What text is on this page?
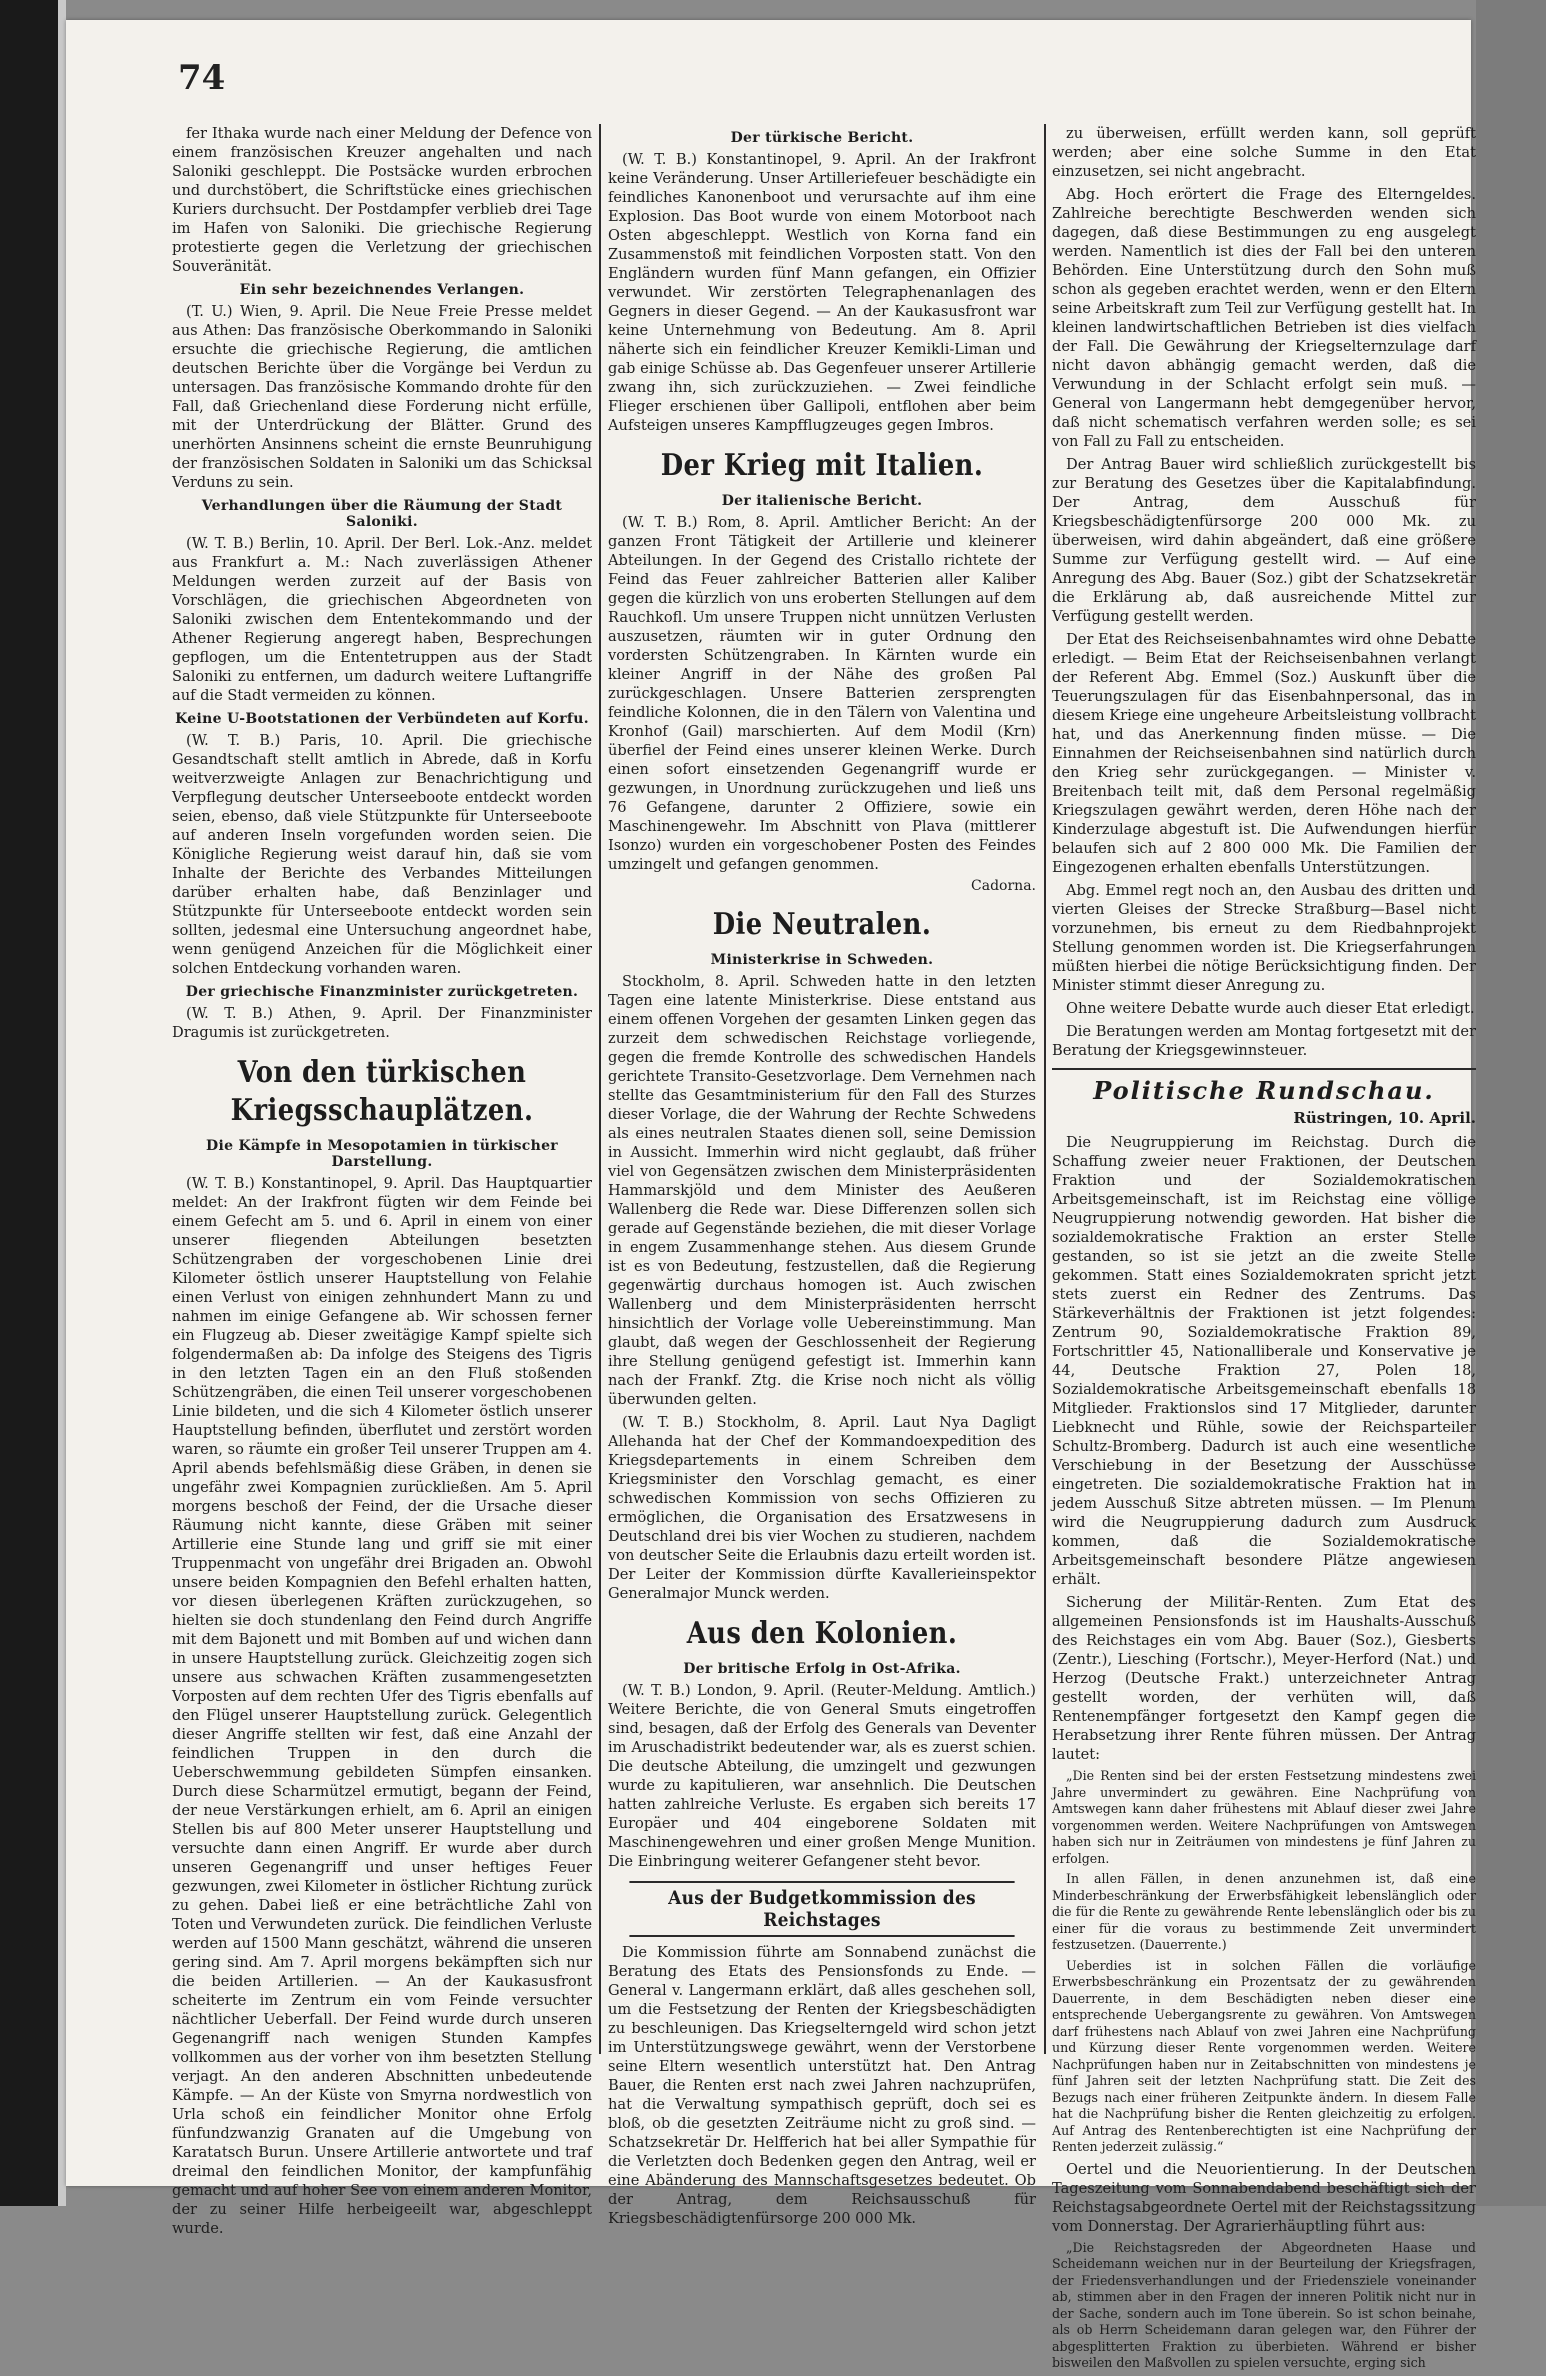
74

fer Ithaka wurde nach einer Meldung der Defence von einem französischen Kreuzer angehalten und nach Saloniki geschleppt. Die Postsäcke wurden erbrochen und durchstöbert, die Schriftstücke eines griechischen Kuriers durchsucht. Der Postdampfer verblieb drei Tage im Hafen von Saloniki. Die griechische Regierung protestierte gegen die Verletzung der griechischen Souveränität.

Ein sehr bezeichnendes Verlangen.

(T. U.) Wien, 9. April. Die Neue Freie Presse meldet aus Athen: Das französische Oberkommando in Saloniki ersuchte die griechische Regierung, die amtlichen deutschen Berichte über die Vorgänge bei Verdun zu untersagen. Das französische Kommando drohte für den Fall, daß Griechenland diese Forderung nicht erfülle, mit der Unterdrückung der Blätter. Grund des unerhörten Ansinnens scheint die ernste Beunruhigung der französischen Soldaten in Saloniki um das Schicksal Verduns zu sein.

Verhandlungen über die Räumung der Stadt Saloniki.

(W. T. B.) Berlin, 10. April. Der Berl. Lok.-Anz. meldet aus Frankfurt a. M.: Nach zuverlässigen Athener Meldungen werden zurzeit auf der Basis von Vorschlägen, die griechischen Abgeordneten von Saloniki zwischen dem Ententekommando und der Athener Regierung angeregt haben, Besprechungen gepflogen, um die Ententetruppen aus der Stadt Saloniki zu entfernen, um dadurch weitere Luftangriffe auf die Stadt vermeiden zu können.

Keine U-Bootstationen der Verbündeten auf Korfu.

(W. T. B.) Paris, 10. April. Die griechische Gesandtschaft stellt amtlich in Abrede, daß in Korfu weitverzweigte Anlagen zur Benachrichtigung und Verpflegung deutscher Unterseeboote entdeckt worden seien, ebenso, daß viele Stützpunkte für Unterseeboote auf anderen Inseln vorgefunden worden seien. Die Königliche Regierung weist darauf hin, daß sie vom Inhalte der Berichte des Verbandes Mitteilungen darüber erhalten habe, daß Benzinlager und Stützpunkte für Unterseeboote entdeckt worden sein sollten, jedesmal eine Untersuchung angeordnet habe, wenn genügend Anzeichen für die Möglichkeit einer solchen Entdeckung vorhanden waren.

Der griechische Finanzminister zurückgetreten.

(W. T. B.) Athen, 9. April. Der Finanzminister Dragumis ist zurückgetreten.

Von den türkischen Kriegsschauplätzen.
Die Kämpfe in Mesopotamien in türkischer Darstellung.

(W. T. B.) Konstantinopel, 9. April. Das Hauptquartier meldet: An der Irakfront fügten wir dem Feinde bei einem Gefecht am 5. und 6. April in einem von einer unserer fliegenden Abteilungen besetzten Schützengraben der vorgeschobenen Linie drei Kilometer östlich unserer Hauptstellung von Felahie einen Verlust von einigen zehnhundert Mann zu und nahmen im einige Gefangene ab. Wir schossen ferner ein Flugzeug ab. Dieser zweitägige Kampf spielte sich folgendermaßen ab: Da infolge des Steigens des Tigris in den letzten Tagen ein an den Fluß stoßenden Schützengräben, die einen Teil unserer vorgeschobenen Linie bildeten, und die sich 4 Kilometer östlich unserer Hauptstellung befinden, überflutet und zerstört worden waren, so räumte ein großer Teil unserer Truppen am 4. April abends befehlsmäßig diese Gräben, in denen sie ungefähr zwei Kompagnien zurückließen. Am 5. April morgens beschoß der Feind, der die Ursache dieser Räumung nicht kannte, diese Gräben mit seiner Artillerie eine Stunde lang und griff sie mit einer Truppenmacht von ungefähr drei Brigaden an. Obwohl unsere beiden Kompagnien den Befehl erhalten hatten, vor diesen überlegenen Kräften zurückzugehen, so hielten sie doch stundenlang den Feind durch Angriffe mit dem Bajonett und mit Bomben auf und wichen dann in unsere Hauptstellung zurück. Gleichzeitig zogen sich unsere aus schwachen Kräften zusammengesetzten Vorposten auf dem rechten Ufer des Tigris ebenfalls auf den Flügel unserer Hauptstellung zurück. Gelegentlich dieser Angriffe stellten wir fest, daß eine Anzahl der feindlichen Truppen in den durch die Ueberschwemmung gebildeten Sümpfen einsanken. Durch diese Scharmützel ermutigt, begann der Feind, der neue Verstärkungen erhielt, am 6. April an einigen Stellen bis auf 800 Meter unserer Hauptstellung und versuchte dann einen Angriff. Er wurde aber durch unseren Gegenangriff und unser heftiges Feuer gezwungen, zwei Kilometer in östlicher Richtung zurück zu gehen. Dabei ließ er eine beträchtliche Zahl von Toten und Verwundeten zurück. Die feindlichen Verluste werden auf 1500 Mann geschätzt, während die unseren gering sind. Am 7. April morgens bekämpften sich nur die beiden Artillerien. — An der Kaukasusfront scheiterte im Zentrum ein vom Feinde versuchter nächtlicher Ueberfall. Der Feind wurde durch unseren Gegenangriff nach wenigen Stunden Kampfes vollkommen aus der vorher von ihm besetzten Stellung verjagt. An den anderen Abschnitten unbedeutende Kämpfe. — An der Küste von Smyrna nordwestlich von Urla schoß ein feindlicher Monitor ohne Erfolg fünfundzwanzig Granaten auf die Umgebung von Karatatsch Burun. Unsere Artillerie antwortete und traf dreimal den feindlichen Monitor, der kampfunfähig gemacht und auf hoher See von einem anderen Monitor, der zu seiner Hilfe herbeigeeilt war, abgeschleppt wurde.

Der türkische Bericht.

(W. T. B.) Konstantinopel, 9. April. An der Irakfront keine Veränderung. Unser Artilleriefeuer beschädigte ein feindliches Kanonenboot und verursachte auf ihm eine Explosion. Das Boot wurde von einem Motorboot nach Osten abgeschleppt. Westlich von Korna fand ein Zusammenstoß mit feindlichen Vorposten statt. Von den Engländern wurden fünf Mann gefangen, ein Offizier verwundet. Wir zerstörten Telegraphenanlagen des Gegners in dieser Gegend. — An der Kaukasusfront war keine Unternehmung von Bedeutung. Am 8. April näherte sich ein feindlicher Kreuzer Kemikli-Liman und gab einige Schüsse ab. Das Gegenfeuer unserer Artillerie zwang ihn, sich zurückzuziehen. — Zwei feindliche Flieger erschienen über Gallipoli, entflohen aber beim Aufsteigen unseres Kampfflugzeuges gegen Imbros.

Der Krieg mit Italien.
Der italienische Bericht.

(W. T. B.) Rom, 8. April. Amtlicher Bericht: An der ganzen Front Tätigkeit der Artillerie und kleinerer Abteilungen. In der Gegend des Cristallo richtete der Feind das Feuer zahlreicher Batterien aller Kaliber gegen die kürzlich von uns eroberten Stellungen auf dem Rauchkofl. Um unsere Truppen nicht unnützen Verlusten auszusetzen, räumten wir in guter Ordnung den vordersten Schützengraben. In Kärnten wurde ein kleiner Angriff in der Nähe des großen Pal zurückgeschlagen. Unsere Batterien zersprengten feindliche Kolonnen, die in den Tälern von Valentina und Kronhof (Gail) marschierten. Auf dem Modil (Krn) überfiel der Feind eines unserer kleinen Werke. Durch einen sofort einsetzenden Gegenangriff wurde er gezwungen, in Unordnung zurückzugehen und ließ uns 76 Gefangene, darunter 2 Offiziere, sowie ein Maschinengewehr. Im Abschnitt von Plava (mittlerer Isonzo) wurden ein vorgeschobener Posten des Feindes umzingelt und gefangen genommen.

Cadorna.
Die Neutralen.
Ministerkrise in Schweden.

Stockholm, 8. April. Schweden hatte in den letzten Tagen eine latente Ministerkrise. Diese entstand aus einem offenen Vorgehen der gesamten Linken gegen das zurzeit dem schwedischen Reichstage vorliegende, gegen die fremde Kontrolle des schwedischen Handels gerichtete Transito-Gesetzvorlage. Dem Vernehmen nach stellte das Gesamtministerium für den Fall des Sturzes dieser Vorlage, die der Wahrung der Rechte Schwedens als eines neutralen Staates dienen soll, seine Demission in Aussicht. Immerhin wird nicht geglaubt, daß früher viel von Gegensätzen zwischen dem Ministerpräsidenten Hammarskjöld und dem Minister des Aeußeren Wallenberg die Rede war. Diese Differenzen sollen sich gerade auf Gegenstände beziehen, die mit dieser Vorlage in engem Zusammenhange stehen. Aus diesem Grunde ist es von Bedeutung, festzustellen, daß die Regierung gegenwärtig durchaus homogen ist. Auch zwischen Wallenberg und dem Ministerpräsidenten herrscht hinsichtlich der Vorlage volle Uebereinstimmung. Man glaubt, daß wegen der Geschlossenheit der Regierung ihre Stellung genügend gefestigt ist. Immerhin kann nach der Frankf. Ztg. die Krise noch nicht als völlig überwunden gelten.

(W. T. B.) Stockholm, 8. April. Laut Nya Dagligt Allehanda hat der Chef der Kommandoexpedition des Kriegsdepartements in einem Schreiben dem Kriegsminister den Vorschlag gemacht, es einer schwedischen Kommission von sechs Offizieren zu ermöglichen, die Organisation des Ersatzwesens in Deutschland drei bis vier Wochen zu studieren, nachdem von deutscher Seite die Erlaubnis dazu erteilt worden ist. Der Leiter der Kommission dürfte Kavallerieinspektor Generalmajor Munck werden.

Aus den Kolonien.
Der britische Erfolg in Ost-Afrika.

(W. T. B.) London, 9. April. (Reuter-Meldung. Amtlich.) Weitere Berichte, die von General Smuts eingetroffen sind, besagen, daß der Erfolg des Generals van Deventer im Aruschadistrikt bedeutender war, als es zuerst schien. Die deutsche Abteilung, die umzingelt und gezwungen wurde zu kapitulieren, war ansehnlich. Die Deutschen hatten zahlreiche Verluste. Es ergaben sich bereits 17 Europäer und 404 eingeborene Soldaten mit Maschinengewehren und einer großen Menge Munition. Die Einbringung weiterer Gefangener steht bevor.

Aus der Budgetkommission des Reichstages

Die Kommission führte am Sonnabend zunächst die Beratung des Etats des Pensionsfonds zu Ende. — General v. Langermann erklärt, daß alles geschehen soll, um die Festsetzung der Renten der Kriegsbeschädigten zu beschleunigen. Das Kriegselterngeld wird schon jetzt im Unterstützungswege gewährt, wenn der Verstorbene seine Eltern wesentlich unterstützt hat. Den Antrag Bauer, die Renten erst nach zwei Jahren nachzuprüfen, hat die Verwaltung sympathisch geprüft, doch sei es bloß, ob die gesetzten Zeiträume nicht zu groß sind. — Schatzsekretär Dr. Helfferich hat bei aller Sympathie für die Verletzten doch Bedenken gegen den Antrag, weil er eine Abänderung des Mannschaftsgesetzes bedeutet. Ob der Antrag, dem Reichsausschuß für Kriegsbeschädigtenfürsorge 200 000 Mk.

zu überweisen, erfüllt werden kann, soll geprüft werden; aber eine solche Summe in den Etat einzusetzen, sei nicht angebracht.

Abg. Hoch erörtert die Frage des Elterngeldes. Zahlreiche berechtigte Beschwerden wenden sich dagegen, daß diese Bestimmungen zu eng ausgelegt werden. Namentlich ist dies der Fall bei den unteren Behörden. Eine Unterstützung durch den Sohn muß schon als gegeben erachtet werden, wenn er den Eltern seine Arbeitskraft zum Teil zur Verfügung gestellt hat. In kleinen landwirtschaftlichen Betrieben ist dies vielfach der Fall. Die Gewährung der Kriegselternzulage darf nicht davon abhängig gemacht werden, daß die Verwundung in der Schlacht erfolgt sein muß. — General von Langermann hebt demgegenüber hervor, daß nicht schematisch verfahren werden solle; es sei von Fall zu Fall zu entscheiden.

Der Antrag Bauer wird schließlich zurückgestellt bis zur Beratung des Gesetzes über die Kapitalabfindung. Der Antrag, dem Ausschuß für Kriegsbeschädigtenfürsorge 200 000 Mk. zu überweisen, wird dahin abgeändert, daß eine größere Summe zur Verfügung gestellt wird. — Auf eine Anregung des Abg. Bauer (Soz.) gibt der Schatzsekretär die Erklärung ab, daß ausreichende Mittel zur Verfügung gestellt werden.

Der Etat des Reichseisenbahnamtes wird ohne Debatte erledigt. — Beim Etat der Reichseisenbahnen verlangt der Referent Abg. Emmel (Soz.) Auskunft über die Teuerungszulagen für das Eisenbahnpersonal, das in diesem Kriege eine ungeheure Arbeitsleistung vollbracht hat, und das Anerkennung finden müsse. — Die Einnahmen der Reichseisenbahnen sind natürlich durch den Krieg sehr zurückgegangen. — Minister v. Breitenbach teilt mit, daß dem Personal regelmäßig Kriegszulagen gewährt werden, deren Höhe nach der Kinderzulage abgestuft ist. Die Aufwendungen hierfür belaufen sich auf 2 800 000 Mk. Die Familien der Eingezogenen erhalten ebenfalls Unterstützungen.

Abg. Emmel regt noch an, den Ausbau des dritten und vierten Gleises der Strecke Straßburg—Basel nicht vorzunehmen, bis erneut zu dem Riedbahnprojekt Stellung genommen worden ist. Die Kriegserfahrungen müßten hierbei die nötige Berücksichtigung finden. Der Minister stimmt dieser Anregung zu.

Ohne weitere Debatte wurde auch dieser Etat erledigt.

Die Beratungen werden am Montag fortgesetzt mit der Beratung der Kriegsgewinnsteuer.

Politische Rundschau.
Rüstringen, 10. April.

Die Neugruppierung im Reichstag. Durch die Schaffung zweier neuer Fraktionen, der Deutschen Fraktion und der Sozialdemokratischen Arbeitsgemeinschaft, ist im Reichstag eine völlige Neugruppierung notwendig geworden. Hat bisher die sozialdemokratische Fraktion an erster Stelle gestanden, so ist sie jetzt an die zweite Stelle gekommen. Statt eines Sozialdemokraten spricht jetzt stets zuerst ein Redner des Zentrums. Das Stärkeverhältnis der Fraktionen ist jetzt folgendes: Zentrum 90, Sozialdemokratische Fraktion 89, Fortschrittler 45, Nationalliberale und Konservative je 44, Deutsche Fraktion 27, Polen 18, Sozialdemokratische Arbeitsgemeinschaft ebenfalls 18 Mitglieder. Fraktionslos sind 17 Mitglieder, darunter Liebknecht und Rühle, sowie der Reichsparteiler Schultz-Bromberg. Dadurch ist auch eine wesentliche Verschiebung in der Besetzung der Ausschüsse eingetreten. Die sozialdemokratische Fraktion hat in jedem Ausschuß Sitze abtreten müssen. — Im Plenum wird die Neugruppierung dadurch zum Ausdruck kommen, daß die Sozialdemokratische Arbeitsgemeinschaft besondere Plätze angewiesen erhält.

Sicherung der Militär-Renten. Zum Etat des allgemeinen Pensionsfonds ist im Haushalts-Ausschuß des Reichstages ein vom Abg. Bauer (Soz.), Giesberts (Zentr.), Liesching (Fortschr.), Meyer-Herford (Nat.) und Herzog (Deutsche Frakt.) unterzeichneter Antrag gestellt worden, der verhüten will, daß Rentenempfänger fortgesetzt den Kampf gegen die Herabsetzung ihrer Rente führen müssen. Der Antrag lautet:

„Die Renten sind bei der ersten Festsetzung mindestens zwei Jahre unvermindert zu gewähren. Eine Nachprüfung von Amtswegen kann daher frühestens mit Ablauf dieser zwei Jahre vorgenommen werden. Weitere Nachprüfungen von Amtswegen haben sich nur in Zeiträumen von mindestens je fünf Jahren zu erfolgen.

In allen Fällen, in denen anzunehmen ist, daß eine Minderbeschränkung der Erwerbsfähigkeit lebenslänglich oder die für die Rente zu gewährende Rente lebenslänglich oder bis zu einer für die voraus zu bestimmende Zeit unvermindert festzusetzen. (Dauerrente.)

Ueberdies ist in solchen Fällen die vorläufige Erwerbsbeschränkung ein Prozentsatz der zu gewährenden Dauerrente, in dem Beschädigten neben dieser eine entsprechende Uebergangsrente zu gewähren. Von Amtswegen darf frühestens nach Ablauf von zwei Jahren eine Nachprüfung und Kürzung dieser Rente vorgenommen werden. Weitere Nachprüfungen haben nur in Zeitabschnitten von mindestens je fünf Jahren seit der letzten Nachprüfung statt. Die Zeit des Bezugs nach einer früheren Zeitpunkte ändern. In diesem Falle hat die Nachprüfung bisher die Renten gleichzeitig zu erfolgen. Auf Antrag des Rentenberechtigten ist eine Nachprüfung der Renten jederzeit zulässig.“

Oertel und die Neuorientierung. In der Deutschen Tageszeitung vom Sonnabendabend beschäftigt sich der Reichstagsabgeordnete Oertel mit der Reichstagssitzung vom Donnerstag. Der Agrarierhäuptling führt aus:

„Die Reichstagsreden der Abgeordneten Haase und Scheidemann weichen nur in der Beurteilung der Kriegsfragen, der Friedensverhandlungen und der Friedensziele voneinander ab, stimmen aber in den Fragen der inneren Politik nicht nur in der Sache, sondern auch im Tone überein. So ist schon beinahe, als ob Herrn Scheidemann daran gelegen war, den Führer der abgesplitterten Fraktion zu überbieten. Während er bisher bisweilen den Maßvollen zu spielen versuchte, erging sich
